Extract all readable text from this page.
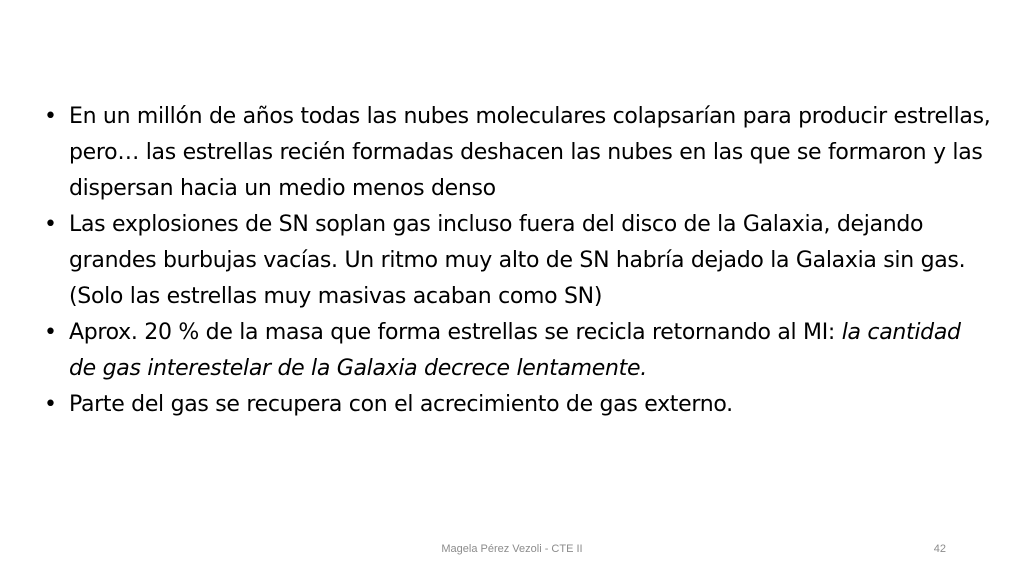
• En un millón de años todas las nubes moleculares colapsarían para producir estrellas, pero… las estrellas recién formadas deshacen las nubes en las que se formaron y las dispersan hacia un medio menos denso
• Las explosiones de SN soplan gas incluso fuera del disco de la Galaxia, dejando grandes burbujas vacías. Un ritmo muy alto de SN habría dejado la Galaxia sin gas. (Solo las estrellas muy masivas acaban como SN)
• Aprox. 20 % de la masa que forma estrellas se recicla retornando al MI: la cantidad de gas interestelar de la Galaxia decrece lentamente.
• Parte del gas se recupera con el acrecimiento de gas externo.
Magela Pérez Vezoli - CTE II	42
